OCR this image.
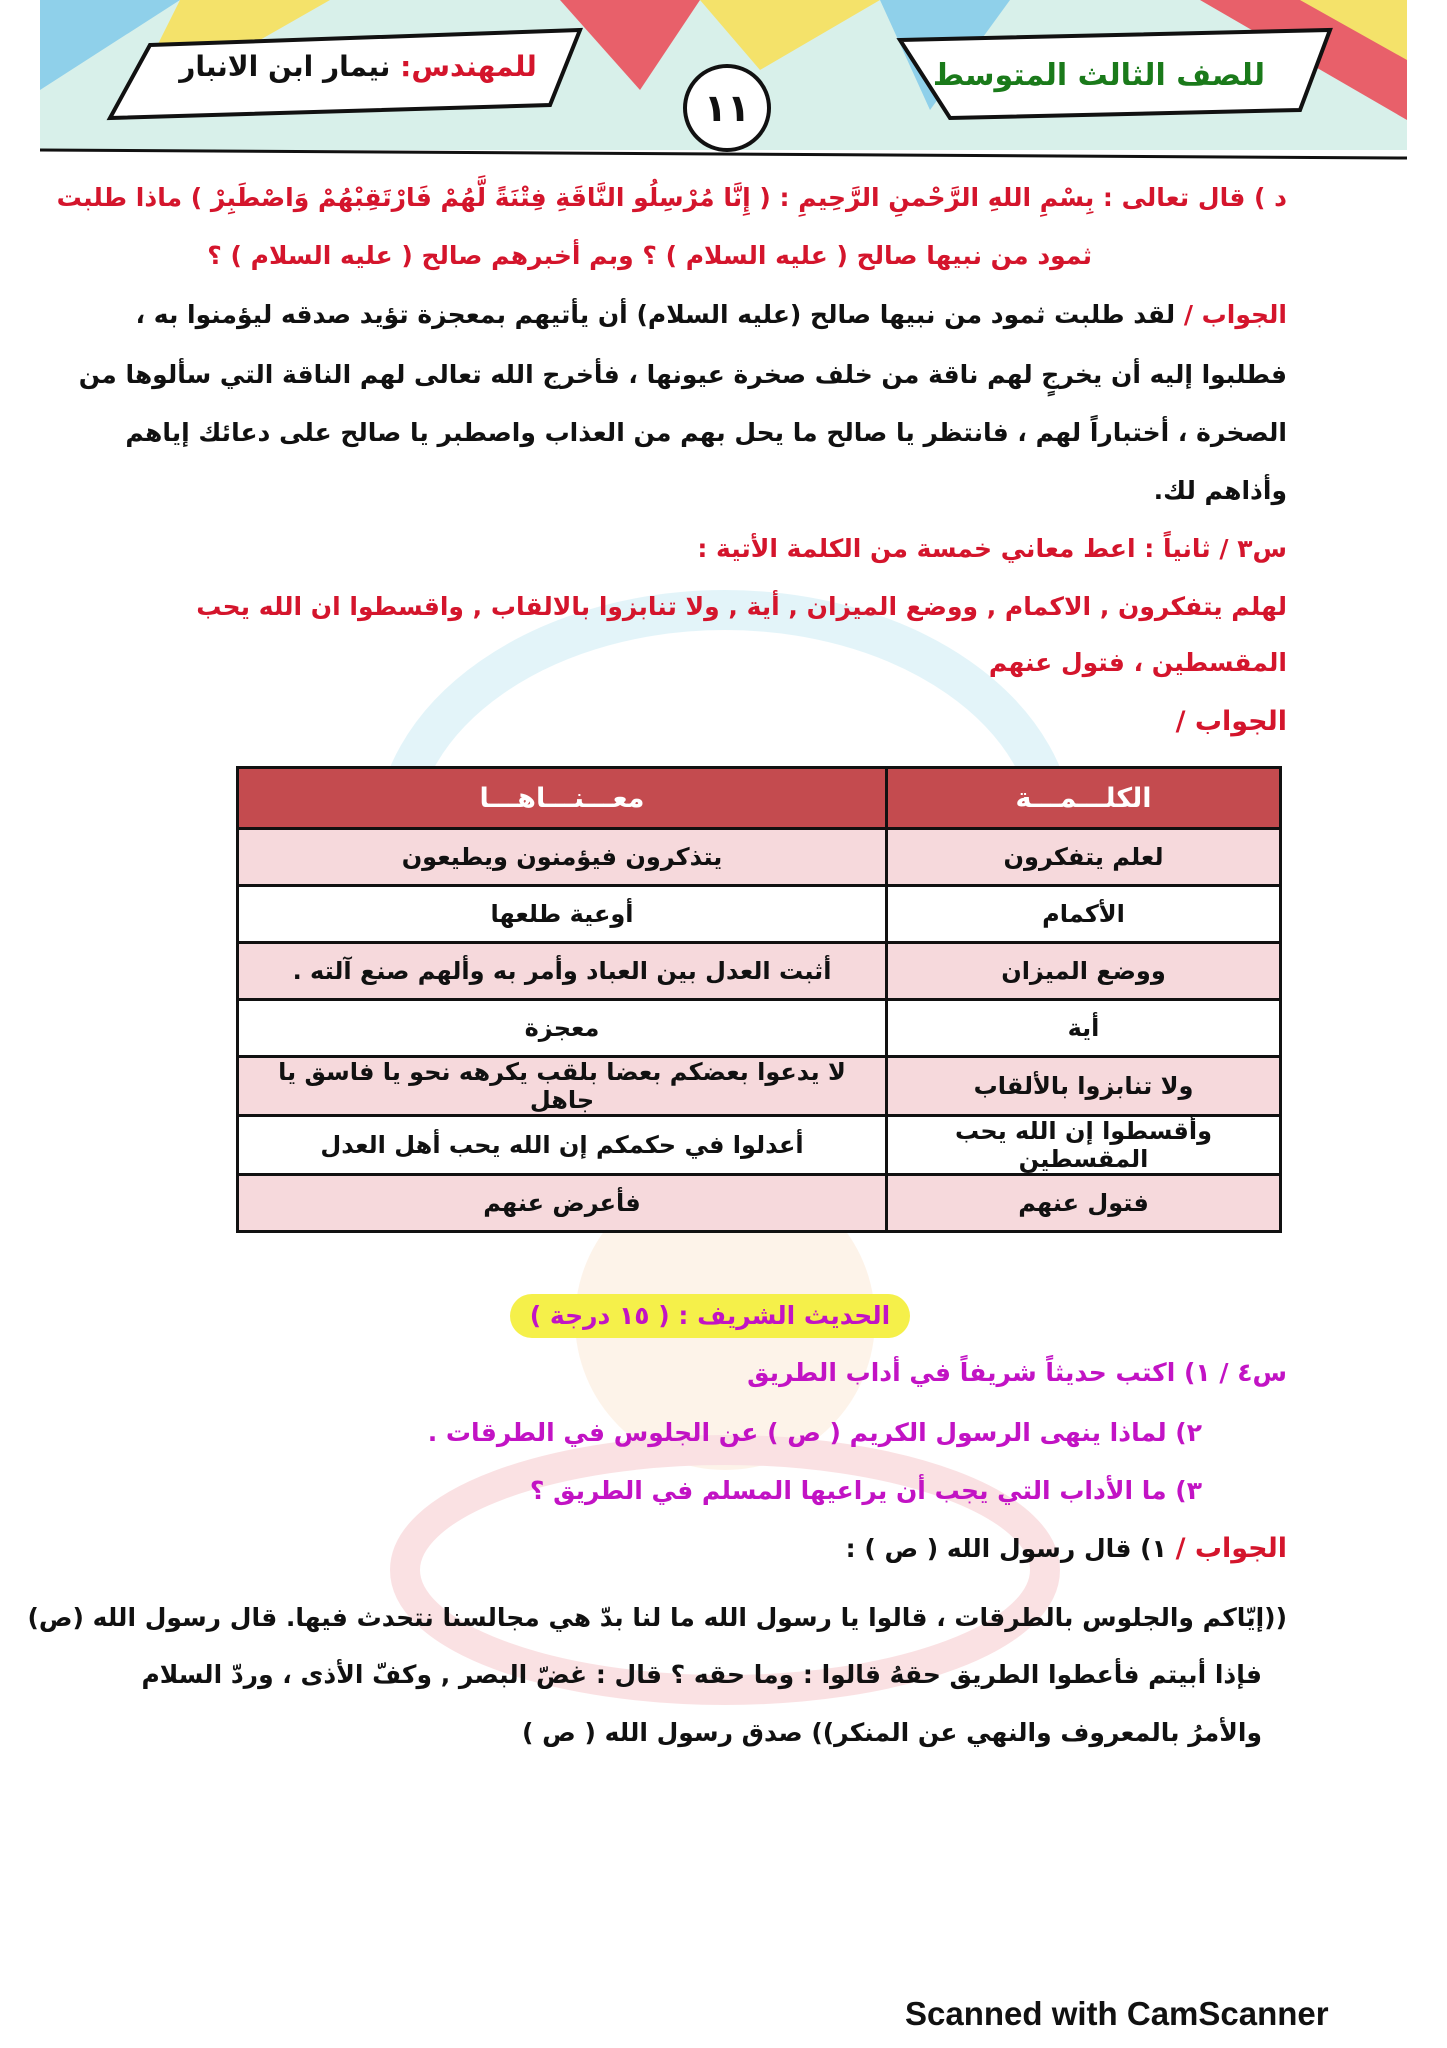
للمهندس: نيمار ابن الانبار	للصف الثالث المتوسط
١١
د ) قال تعالى : بِسْمِ اللهِ الرَّحْمنِ الرَّحِيمِ : ( إِنَّا مُرْسِلُو النَّاقَةِ فِتْنَةً لَّهُمْ فَارْتَقِبْهُمْ وَاصْطَبِرْ ) ماذا طلبت
ثمود من نبيها صالح ( عليه السلام ) ؟ وبم أخبرهم صالح ( عليه السلام ) ؟
الجواب / لقد طلبت ثمود من نبيها صالح (عليه السلام) أن يأتيهم بمعجزة تؤيد صدقه ليؤمنوا به ،
فطلبوا إليه أن يخرجٍ لهم ناقة من خلف صخرة عيونها ، فأخرج الله تعالى لهم الناقة التي سألوها من
الصخرة ، أختباراً لهم ، فانتظر يا صالح ما يحل بهم من العذاب واصطبر يا صالح على دعائك إياهم
وأذاهم لك.
س٣ / ثانياً : اعط معاني خمسة من الكلمة الأتية :
لهلم يتفكرون , الاكمام , ووضع الميزان , أية , ولا تنابزوا بالالقاب , واقسطوا ان الله يحب
المقسطين ، فتول عنهم
الجواب /
الكلـــمـــة	معـــنـــاهـــا
لعلم يتفكرون	يتذكرون فيؤمنون ويطيعون
الأكمام	أوعية طلعها
ووضع الميزان	أثبت العدل بين العباد وأمر به وألهم صنع آلته .
أية	معجزة
ولا تنابزوا بالألقاب	لا يدعوا بعضكم بعضا بلقب يكرهه نحو يا فاسق يا جاهل
وأقسطوا إن الله يحب المقسطين	أعدلوا في حكمكم إن الله يحب أهل العدل
فتول عنهم	فأعرض عنهم
الحديث الشريف : ( ١٥ درجة )
س٤ / ١) اكتب حديثاً شريفاً في أداب الطريق
٢) لماذا ينهى الرسول الكريم ( ص ) عن الجلوس في الطرقات .
٣) ما الأداب التي يجب أن يراعيها المسلم في الطريق ؟
الجواب / ١) قال رسول الله ( ص ) :
((إيّاكم والجلوس بالطرقات ، قالوا يا رسول الله ما لنا بدّ هي مجالسنا نتحدث فيها. قال رسول الله (ص)
فإذا أبيتم فأعطوا الطريق حقهُ قالوا : وما حقه ؟ قال : غضّ البصر , وكفّ الأذى ، وردّ السلام
والأمرُ بالمعروف والنهي عن المنكر)) صدق رسول الله ( ص )
Scanned with CamScanner
